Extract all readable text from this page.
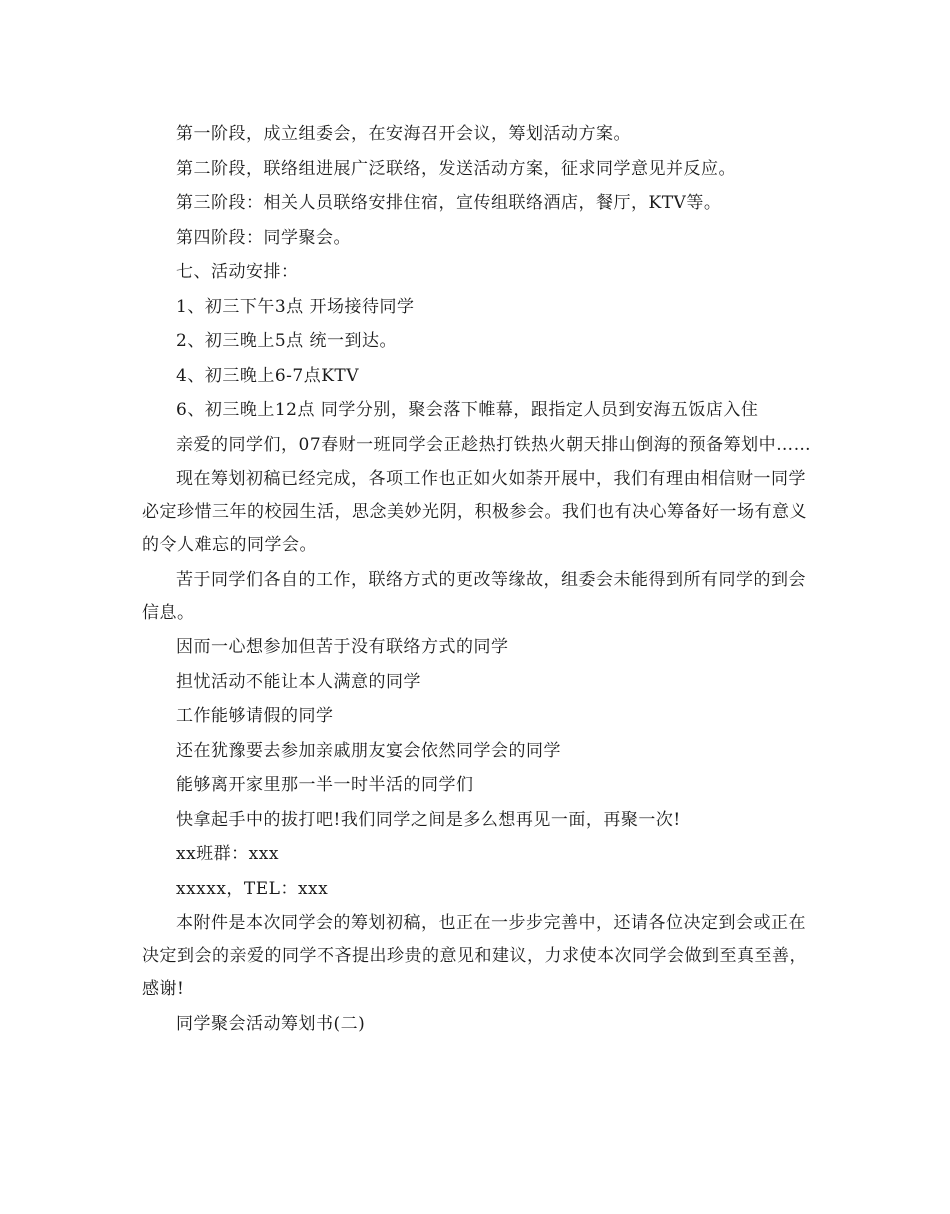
第一阶段，成立组委会，在安海召开会议，筹划活动方案。

第二阶段，联络组进展广泛联络，发送活动方案，征求同学意见并反应。

第三阶段：相关人员联络安排住宿，宣传组联络酒店，餐厅，KTV等。

第四阶段：同学聚会。

七、活动安排：

1、初三下午3点 开场接待同学

2、初三晚上5点 统一到达。

4、初三晚上6-7点KTV

6、初三晚上12点 同学分别，聚会落下帷幕，跟指定人员到安海五饭店入住

亲爱的同学们，07春财一班同学会正趁热打铁热火朝天排山倒海的预备筹划中……

现在筹划初稿已经完成，各项工作也正如火如荼开展中，我们有理由相信财一同学必定珍惜三年的校园生活，思念美妙光阴，积极参会。我们也有决心筹备好一场有意义的令人难忘的同学会。

苦于同学们各自的工作，联络方式的更改等缘故，组委会未能得到所有同学的到会信息。

因而一心想参加但苦于没有联络方式的同学

担忧活动不能让本人满意的同学

工作能够请假的同学

还在犹豫要去参加亲戚朋友宴会依然同学会的同学

能够离开家里那一半一时半活的同学们

快拿起手中的拔打吧!我们同学之间是多么想再见一面，再聚一次!

xx班群：xxx

xxxxx，TEL：xxx

本附件是本次同学会的筹划初稿，也正在一步步完善中，还请各位决定到会或正在决定到会的亲爱的同学不吝提出珍贵的意见和建议，力求使本次同学会做到至真至善，感谢!

同学聚会活动筹划书(二)
